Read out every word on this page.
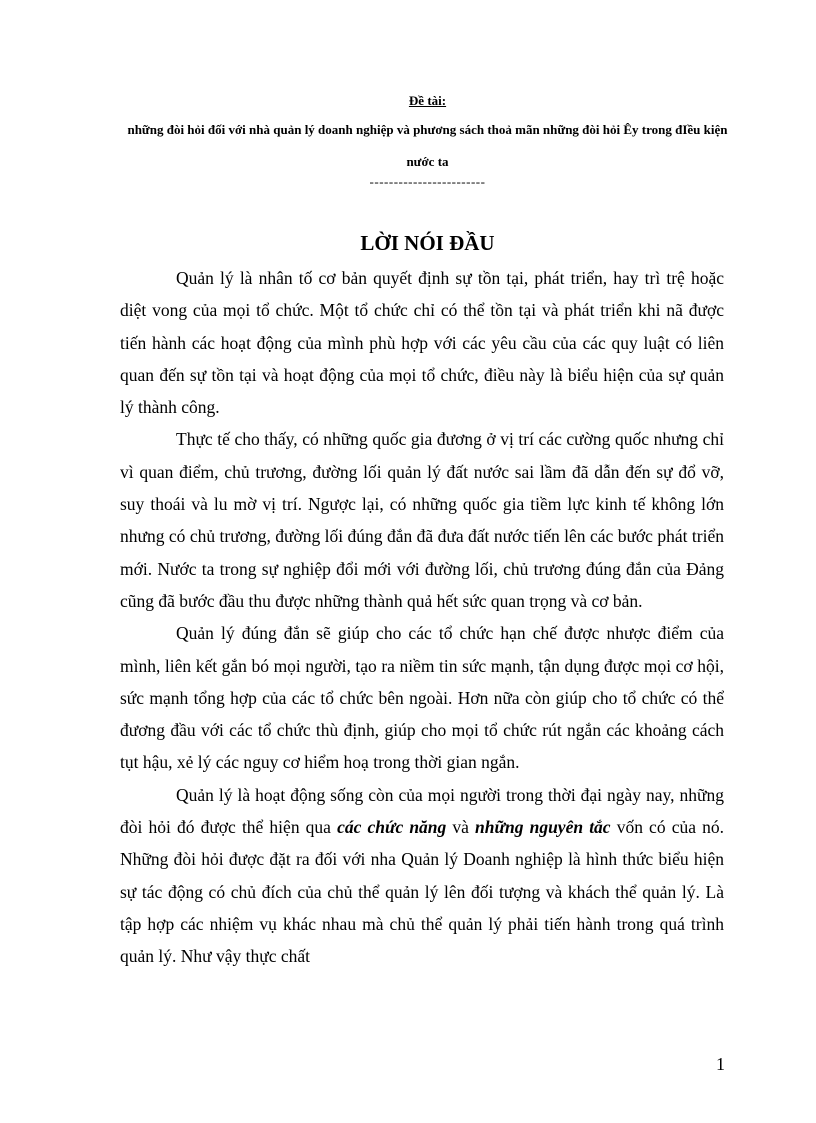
Đề tài:
những đòi hỏi đối với nhà quản lý doanh nghiệp và phương sách thoả mãn những đòi hỏi Êy trong đIều kiện nước ta
------------------------
LỜI NÓI ĐẦU

Quản lý là nhân tố cơ bản quyết định sự tồn tại, phát triển, hay trì trệ hoặc diệt vong của mọi tổ chức. Một tổ chức chỉ có thể tồn tại và phát triển khi nã được tiến hành các hoạt động của mình phù hợp với các yêu cầu của các quy luật có liên quan đến sự tồn tại và hoạt động của mọi tổ chức, điều này là biểu hiện của sự quản lý thành công.

Thực tế cho thấy, có những quốc gia đương ở vị trí các cường quốc nhưng chỉ vì quan điểm, chủ trương, đường lối quản lý đất nước sai lầm đã dẫn đến sự đổ vỡ, suy thoái và lu mờ vị trí. Ngược lại, có những quốc gia tiềm lực kinh tế không lớn nhưng có chủ trương, đường lối đúng đắn đã đưa đất nước tiến lên các bước phát triển mới. Nước ta trong sự nghiệp đổi mới với đường lối, chủ trương đúng đắn của Đảng cũng đã bước đầu thu được những thành quả hết sức quan trọng và cơ bản.

Quản lý đúng đắn sẽ giúp cho các tổ chức hạn chế được nhược điểm của mình, liên kết gắn bó mọi người, tạo ra niềm tin sức mạnh, tận dụng được mọi cơ hội, sức mạnh tổng hợp của các tổ chức bên ngoài. Hơn nữa còn giúp cho tổ chức có thể đương đầu với các tổ chức thù định, giúp cho mọi tổ chức rút ngắn các khoảng cách tụt hậu, xẻ lý các nguy cơ hiểm hoạ trong thời gian ngắn.

Quản lý là hoạt động sống còn của mọi người trong thời đại ngày nay, những đòi hỏi đó được thể hiện qua các chức năng và những nguyên tắc vốn có của nó. Những đòi hỏi được đặt ra đối với nha Quản lý Doanh nghiệp là hình thức biểu hiện sự tác động có chủ đích của chủ thể quản lý lên đối tượng và khách thể quản lý. Là tập hợp các nhiệm vụ khác nhau mà chủ thể quản lý phải tiến hành trong quá trình quản lý. Như vậy thực chất

1
